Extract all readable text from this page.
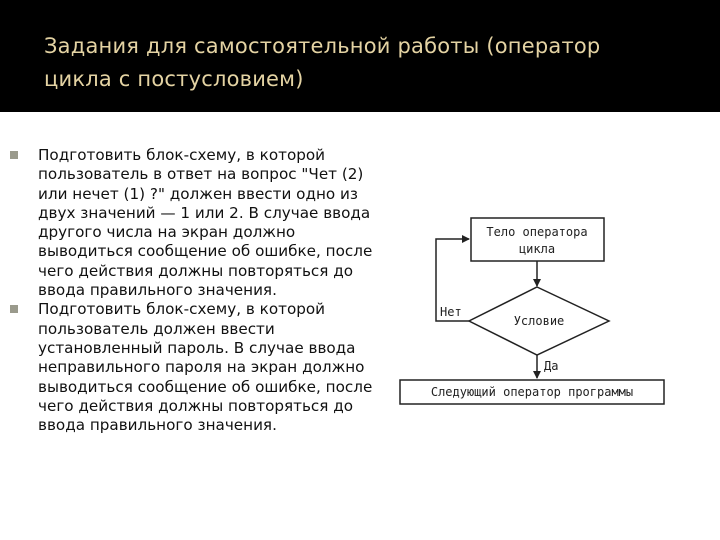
Задания для самостоятельной работы (оператор
цикла с постусловием)
Подготовить блок-схему, в которой пользователь в ответ на вопрос "Чет (2) или нечет (1) ?" должен ввести одно из двух значений — 1 или 2. В случае ввода другого числа на экран должно выводиться сообщение об ошибке, после чего действия должны повторяться до ввода правильного значения.
Подготовить блок-схему, в которой пользователь должен ввести установленный пароль. В случае ввода неправильного пароля на экран должно выводиться сообщение об ошибке, после чего действия должны повторяться до ввода правильного значения.
Тело оператора
цикла
Условие
Нет
Да
Следующий оператор программы
